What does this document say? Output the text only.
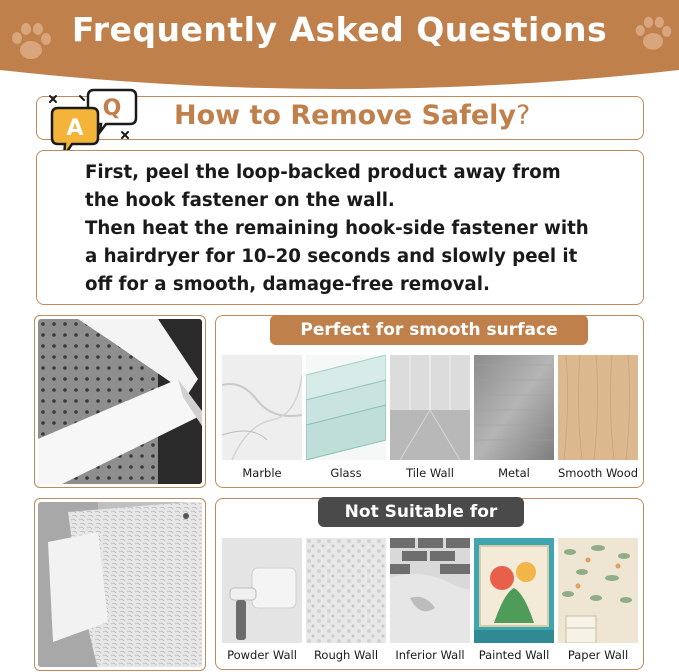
Frequently Asked Questions
How to Remove Safely?
Q
A

First, peel the loop-backed product away from

the hook fastener on the wall.

Then heat the remaining hook-side fastener with

a hairdryer for 10–20 seconds and slowly peel it

off for a smooth, damage-free removal.

Perfect for smooth surface
Marble	Glass	Tile Wall	Metal	Smooth Wood
Not Suitable for
Powder Wall	Rough Wall	Inferior Wall	Painted Wall	Paper Wall
